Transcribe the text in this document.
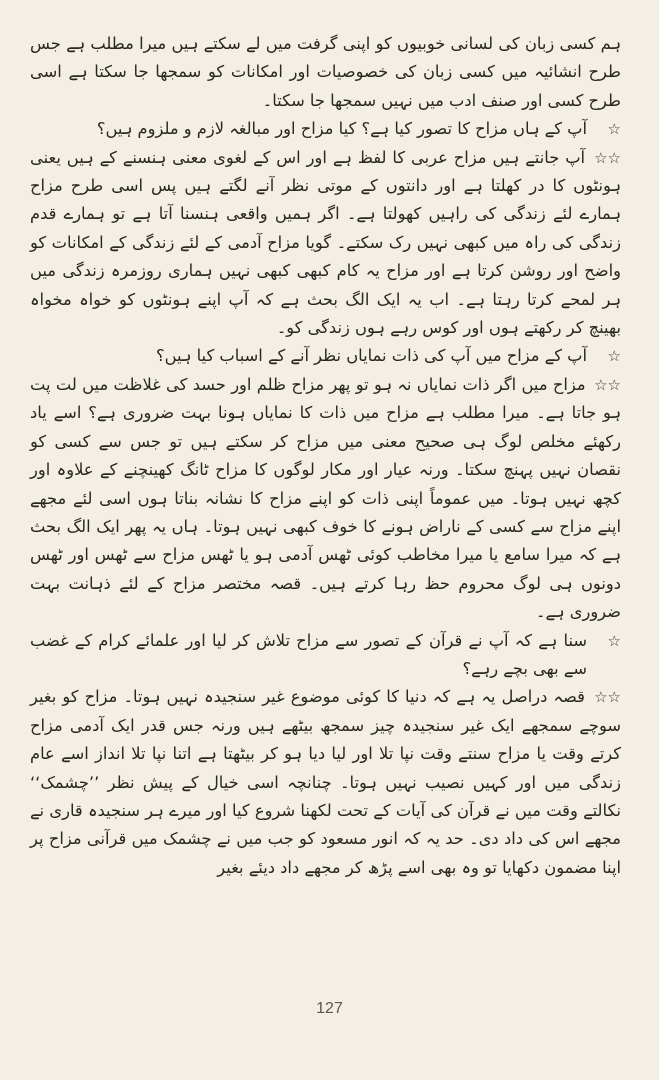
ہم کسی زبان کی لسانی خوبیوں کو اپنی گرفت میں لے سکتے ہیں میرا مطلب ہے جس طرح انشائیہ میں کسی زبان کی خصوصیات اور امکانات کو سمجھا جا سکتا ہے اسی طرح کسی اور صنف ادب میں نہیں سمجھا جا سکتا۔

☆
آپ کے ہاں مزاح کا تصور کیا ہے؟ کیا مزاح اور مبالغہ لازم و ملزوم ہیں؟

☆☆ آپ جانتے ہیں مزاح عربی کا لفظ ہے اور اس کے لغوی معنی ہنسنے کے ہیں یعنی ہونٹوں کا در کھلتا ہے اور دانتوں کے موتی نظر آنے لگتے ہیں پس اسی طرح مزاح ہمارے لئے زندگی کی راہیں کھولتا ہے۔ اگر ہمیں واقعی ہنسنا آتا ہے تو ہمارے قدم زندگی کی راہ میں کبھی نہیں رک سکتے۔ گویا مزاح آدمی کے لئے زندگی کے امکانات کو واضح اور روشن کرتا ہے اور مزاح یہ کام کبھی کبھی نہیں ہماری روزمرہ زندگی میں ہر لمحے کرتا رہتا ہے۔ اب یہ ایک الگ بحث ہے کہ آپ اپنے ہونٹوں کو خواہ مخواہ بھینچ کر رکھتے ہوں اور کوس رہے ہوں زندگی کو۔

☆
آپ کے مزاح میں آپ کی ذات نمایاں نظر آنے کے اسباب کیا ہیں؟

☆☆ مزاح میں اگر ذات نمایاں نہ ہو تو پھر مزاح ظلم اور حسد کی غلاظت میں لت پت ہو جاتا ہے۔ میرا مطلب ہے مزاح میں ذات کا نمایاں ہونا بہت ضروری ہے؟ اسے یاد رکھئے مخلص لوگ ہی صحیح معنی میں مزاح کر سکتے ہیں تو جس سے کسی کو نقصان نہیں پہنچ سکتا۔ ورنہ عیار اور مکار لوگوں کا مزاح ٹانگ کھینچنے کے علاوہ اور کچھ نہیں ہوتا۔ میں عموماً اپنی ذات کو اپنے مزاح کا نشانہ بناتا ہوں اسی لئے مجھے اپنے مزاح سے کسی کے ناراض ہونے کا خوف کبھی نہیں ہوتا۔ ہاں یہ پھر ایک الگ بحث ہے کہ میرا سامع یا میرا مخاطب کوئی ٹھس آدمی ہو یا ٹھس مزاح سے ٹھس اور ٹھس دونوں ہی لوگ محروم حظ رہا کرتے ہیں۔ قصہ مختصر مزاح کے لئے ذہانت بہت ضروری ہے۔

☆
سنا ہے کہ آپ نے قرآن کے تصور سے مزاح تلاش کر لیا اور علمائے کرام کے غضب سے بھی بچے رہے؟

☆☆ قصہ دراصل یہ ہے کہ دنیا کا کوئی موضوع غیر سنجیدہ نہیں ہوتا۔ مزاح کو بغیر سوچے سمجھے ایک غیر سنجیدہ چیز سمجھ بیٹھے ہیں ورنہ جس قدر ایک آدمی مزاح کرتے وقت یا مزاح سنتے وقت نپا تلا اور لیا دیا ہو کر بیٹھتا ہے اتنا نپا تلا انداز اسے عام زندگی میں اور کہیں نصیب نہیں ہوتا۔ چنانچہ اسی خیال کے پیش نظر ’’چشمک‘‘ نکالتے وقت میں نے قرآن کی آیات کے تحت لکھنا شروع کیا اور میرے ہر سنجیدہ قاری نے مجھے اس کی داد دی۔ حد یہ کہ انور مسعود کو جب میں نے چشمک میں قرآنی مزاح پر اپنا مضمون دکھایا تو وہ بھی اسے پڑھ کر مجھے داد دیئے بغیر

127
